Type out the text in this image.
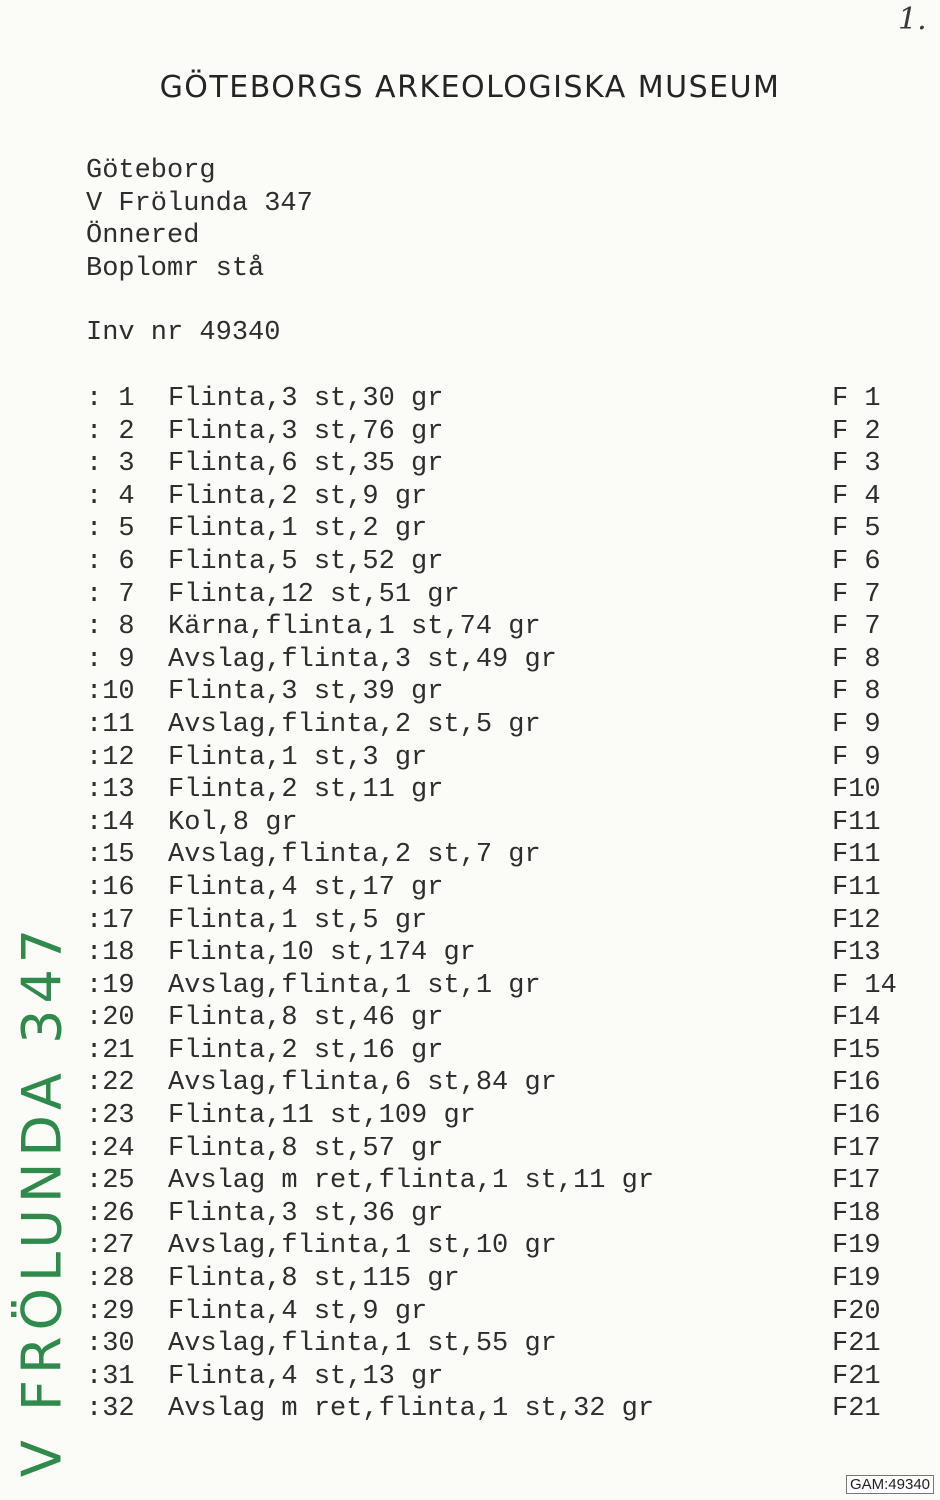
1.
GÖTEBORGS ARKEOLOGISKA MUSEUM
Göteborg
V Frölunda 347
Önnered
Boplomr stå
Inv nr 49340
: 1	Flinta,3 st,30 gr	F 1
: 2	Flinta,3 st,76 gr	F 2
: 3	Flinta,6 st,35 gr	F 3
: 4	Flinta,2 st,9 gr	F 4
: 5	Flinta,1 st,2 gr	F 5
: 6	Flinta,5 st,52 gr	F 6
: 7	Flinta,12 st,51 gr	F 7
: 8	Kärna,flinta,1 st,74 gr	F 7
: 9	Avslag,flinta,3 st,49 gr	F 8
:10	Flinta,3 st,39 gr	F 8
:11	Avslag,flinta,2 st,5 gr	F 9
:12	Flinta,1 st,3 gr	F 9
:13	Flinta,2 st,11 gr	F10
:14	Kol,8 gr	F11
:15	Avslag,flinta,2 st,7 gr	F11
:16	Flinta,4 st,17 gr	F11
:17	Flinta,1 st,5 gr	F12
:18	Flinta,10 st,174 gr	F13
:19	Avslag,flinta,1 st,1 gr	F 14
:20	Flinta,8 st,46 gr	F14
:21	Flinta,2 st,16 gr	F15
:22	Avslag,flinta,6 st,84 gr	F16
:23	Flinta,11 st,109 gr	F16
:24	Flinta,8 st,57 gr	F17
:25	Avslag m ret,flinta,1 st,11 gr	F17
:26	Flinta,3 st,36 gr	F18
:27	Avslag,flinta,1 st,10 gr	F19
:28	Flinta,8 st,115 gr	F19
:29	Flinta,4 st,9 gr	F20
:30	Avslag,flinta,1 st,55 gr	F21
:31	Flinta,4 st,13 gr	F21
:32	Avslag m ret,flinta,1 st,32 gr	F21
V FRÖLUNDA 347
GAM:49340
